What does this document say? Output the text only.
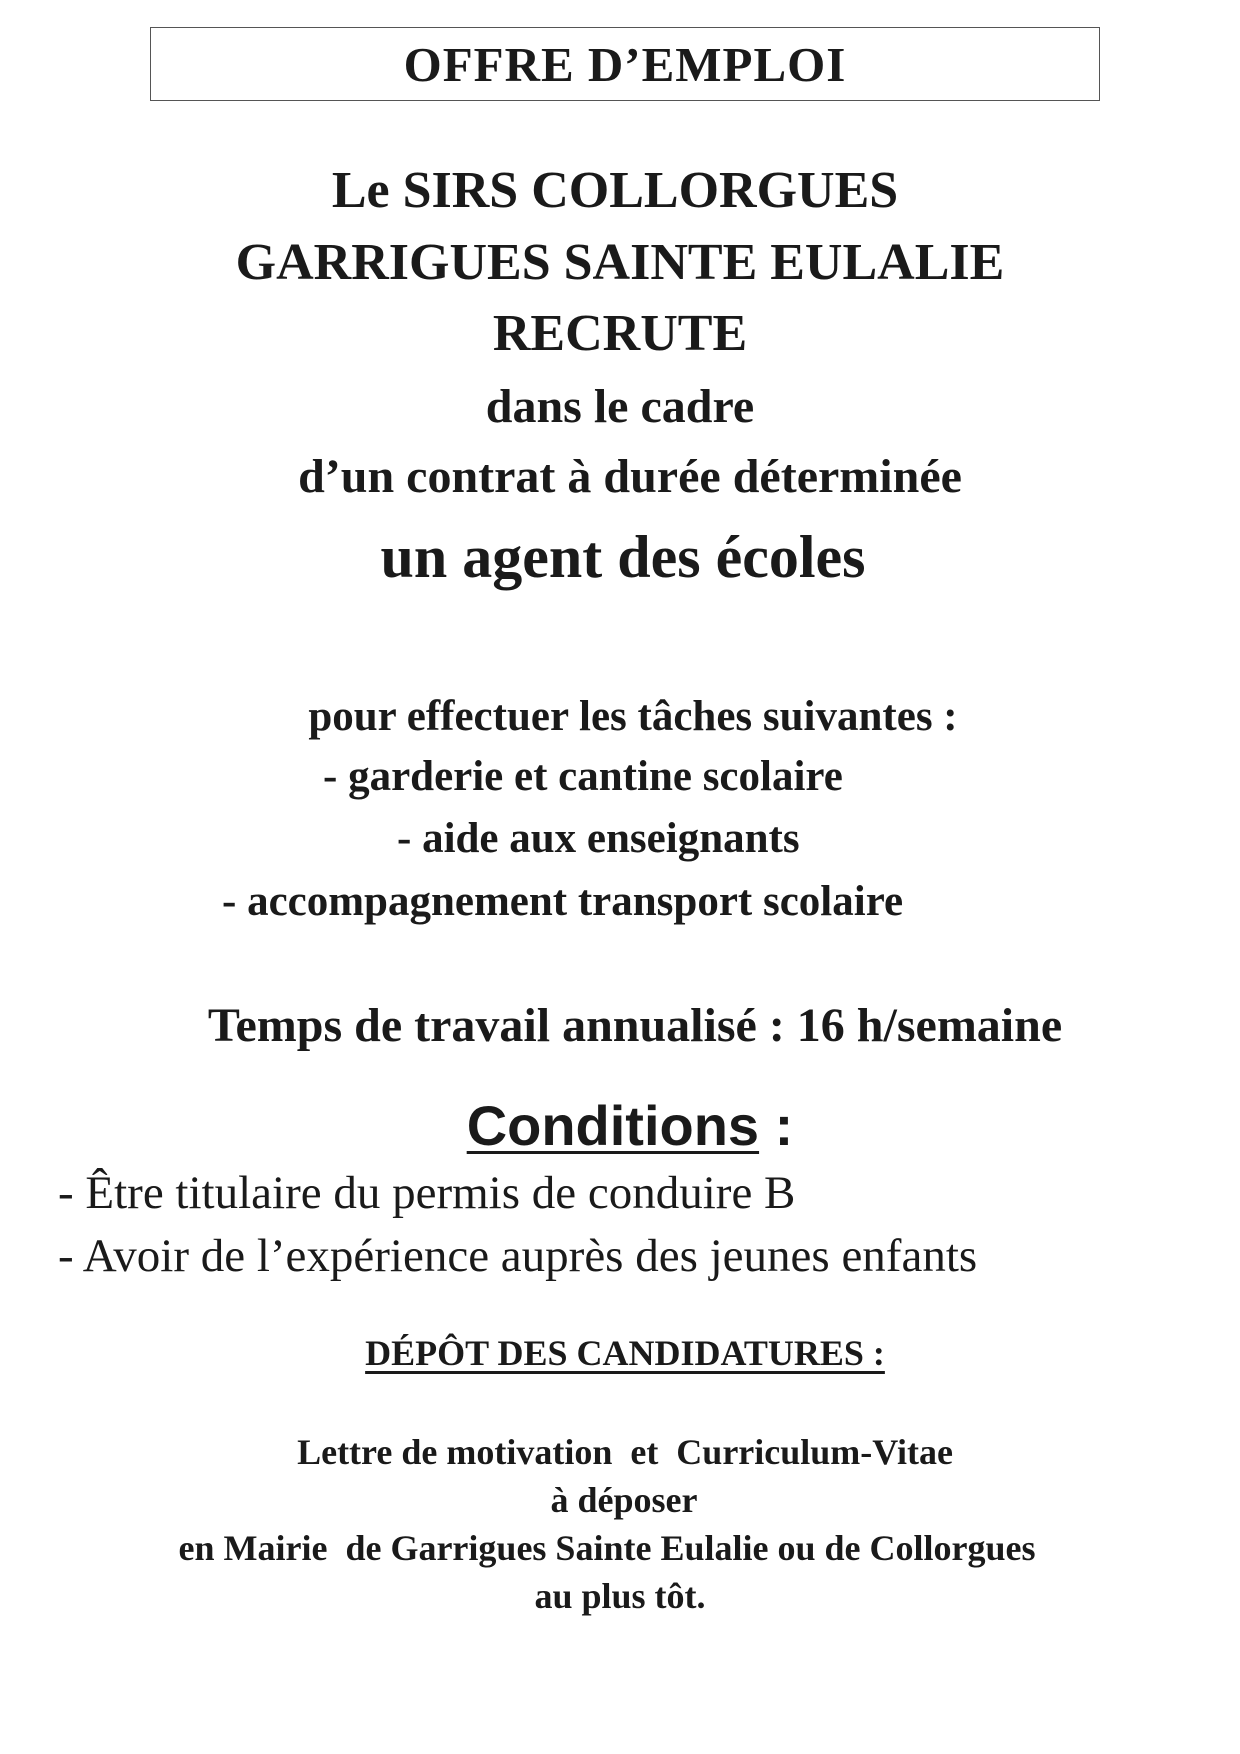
OFFRE D’EMPLOI
Le SIRS COLLORGUES
GARRIGUES SAINTE EULALIE
RECRUTE
dans le cadre
d’un contrat à durée déterminée
un agent des écoles
pour effectuer les tâches suivantes :
- garderie et cantine scolaire
- aide aux enseignants
- accompagnement transport scolaire
Temps de travail annualisé : 16 h/semaine
Conditions :
- Être titulaire du permis de conduire B
- Avoir de l’expérience auprès des jeunes enfants
DÉPÔT DES CANDIDATURES :
Lettre de motivation  et  Curriculum-Vitae
à déposer
en Mairie  de Garrigues Sainte Eulalie ou de Collorgues
au plus tôt.
